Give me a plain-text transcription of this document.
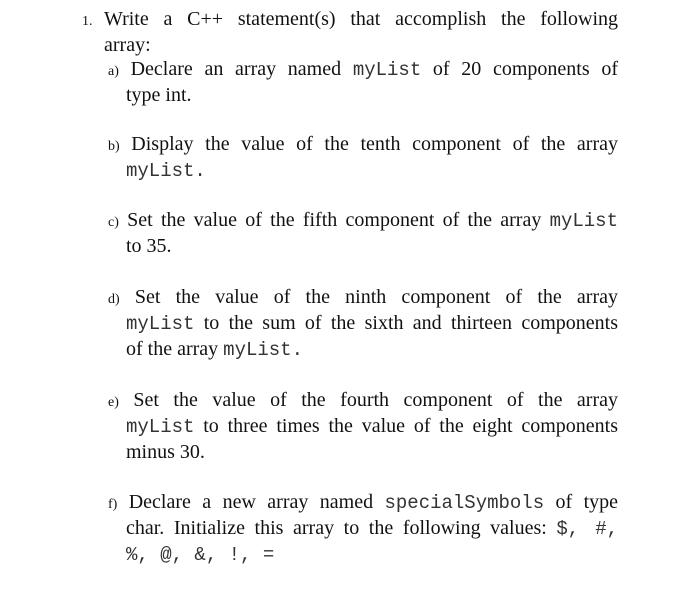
1. Write a C++ statement(s) that accomplish the following
array:
a) Declare an array named myList of 20 components of
type int.
b) Display the value of the tenth component of the array
myList.
c) Set the value of the fifth component of the array myList
to 35.
d) Set the value of the ninth component of the array
myList to the sum of the sixth and thirteen components
of the array myList.
e) Set the value of the fourth component of the array
myList to three times the value of the eight components
minus 30.
f) Declare a new array named specialSymbols of type
char. Initialize this array to the following values: $, #,
%, @, &, !, =
